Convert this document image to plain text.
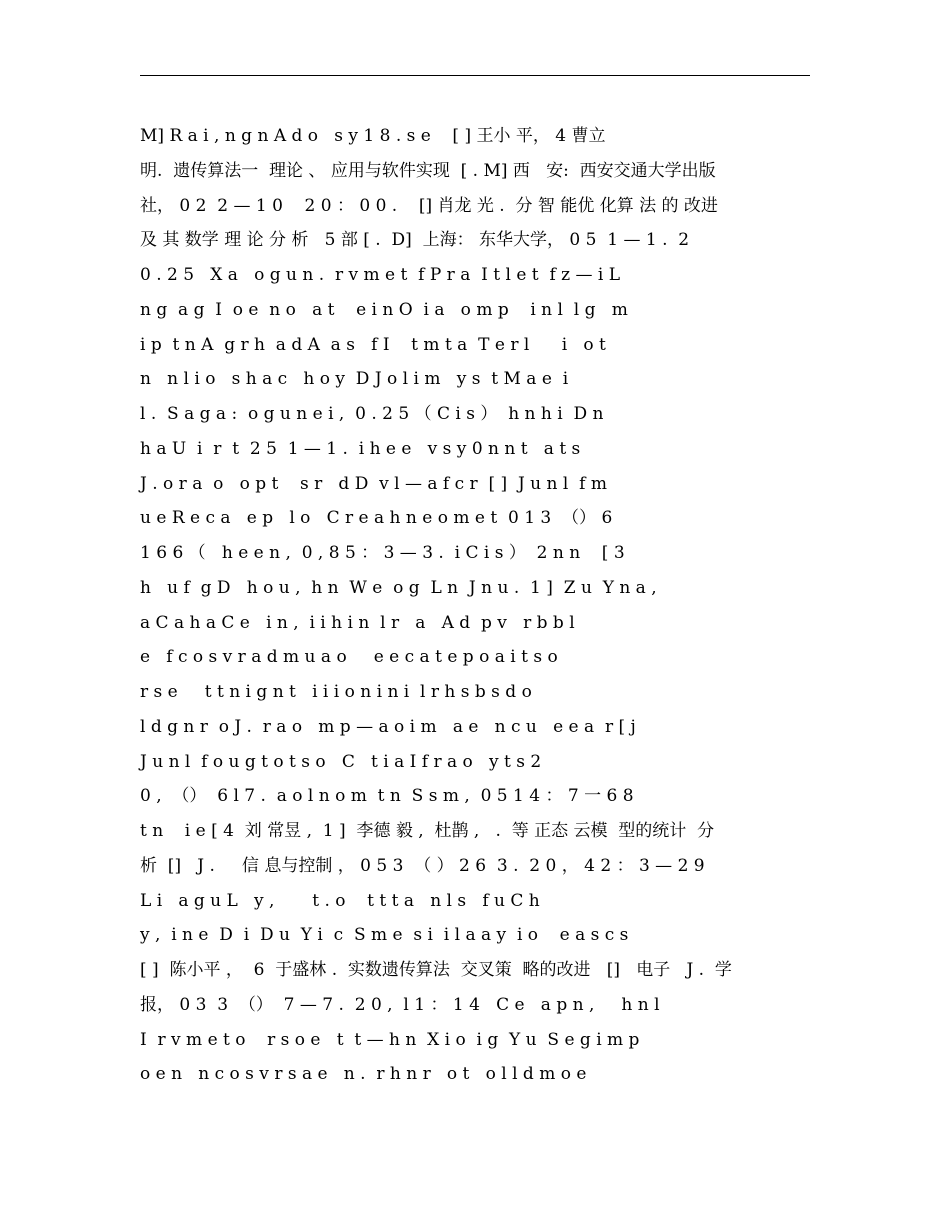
M] R a i , n g n A d o   s y 1 8 . s e    [ ] 王小 平， 4 曹立
明.  遗传算法一  理论 、 应用与软件实现  [ . M] 西   安:  西安交通大学出版
社， 0 2  2 — 1 0    2 0 ： 0 0 .    [] 肖龙 光 .  分 智 能优 化算 法 的 改进
及 其 数学 理 论 分 析   5 部 [ .  D]  上海： 东华大学， 0 5  1 — 1 .  2
0 . 2 5   X a   o g u n .  r v m e t  f P r a  I t l e t  f z — i L
n g  a g  I  o e  n o   a t    e i n O  i a   o m p    i n l  l g   m
i p  t n A  g r h  a d A  a s   f I    t m t a  T e r l      i   o t
n   n l i o   s h a c   h o y  D J o l i m   y s  t M a e  i
l .  S a g a :  o g u n e i ,  0 . 2 5 （ C i s ）  h n h i  D n
h a U  i  r  t  2 5  1 — 1 .  i h e e   v s y 0 n n t   a t s
J . o r a  o   o p t    s r   d D  v l — a f c r  [ ]  J u n l  f m
u e R e c a   e p   l o   C r e a h n e o m e t  0 1 3  （） 6
1 6 6 （   h e e n ,  0 , 8 5 ： 3 — 3 .  i C i s ）  2 n n    [ 3
h   u f  g D   h o u ,  h n  W e  o g  L n  J n u .  1 ]  Z u  Y n a ,
a C a h a C e   i n ,  i i h i n  l r   a   A d  p v   r b b l
e   f c o s v r a d m u a o     e e c a t e p o a i t s o
r s e     t t n i g n t   i i i o n i n i  l r h s b s d o
l d g n r  o J .  r a o   m p — a o i m   a e   n c u   e e a  r [ j
J u n l  f o u g t o t s o   C   t i a I f r a o   y t s 2
0 ,  （）  6 l 7 .  a o l n o m  t n  S s m ,  0 5 1 4 ： 7 一 6 8
t n    i e [ 4  刘 常昱 ,  1 ]  李德 毅 ,  杜鹊 ,   .  等 正态 云模  型的统计  分
析  []   J .     信 息与控制 ， 0 5 3  （ ） 2 6  3 .  2 0 ， 4 2 ： 3 — 2 9
L i   a g u L   y ,       t . o    t t t a   n l s   f u C h
y ,  i n e  D  i  D u  Y i  c  S m e  s i  i l a a y  i o    e a s c s
[ ]  陈小平 ，  6  于盛林 .  实数遗传算法  交叉策  略的改进   []   电子   J .  学
报， 0 3  3  （）  7 — 7 .  2 0 ,  l 1 ： 1 4   C e   a p n ,     h n l
I  r v m e t o    r s o e   t  t — h n  X i o  i g  Y u  S e g i m p
o e n   n c o s v r s a e   n .  r h n r   o t   o l l d m o e
